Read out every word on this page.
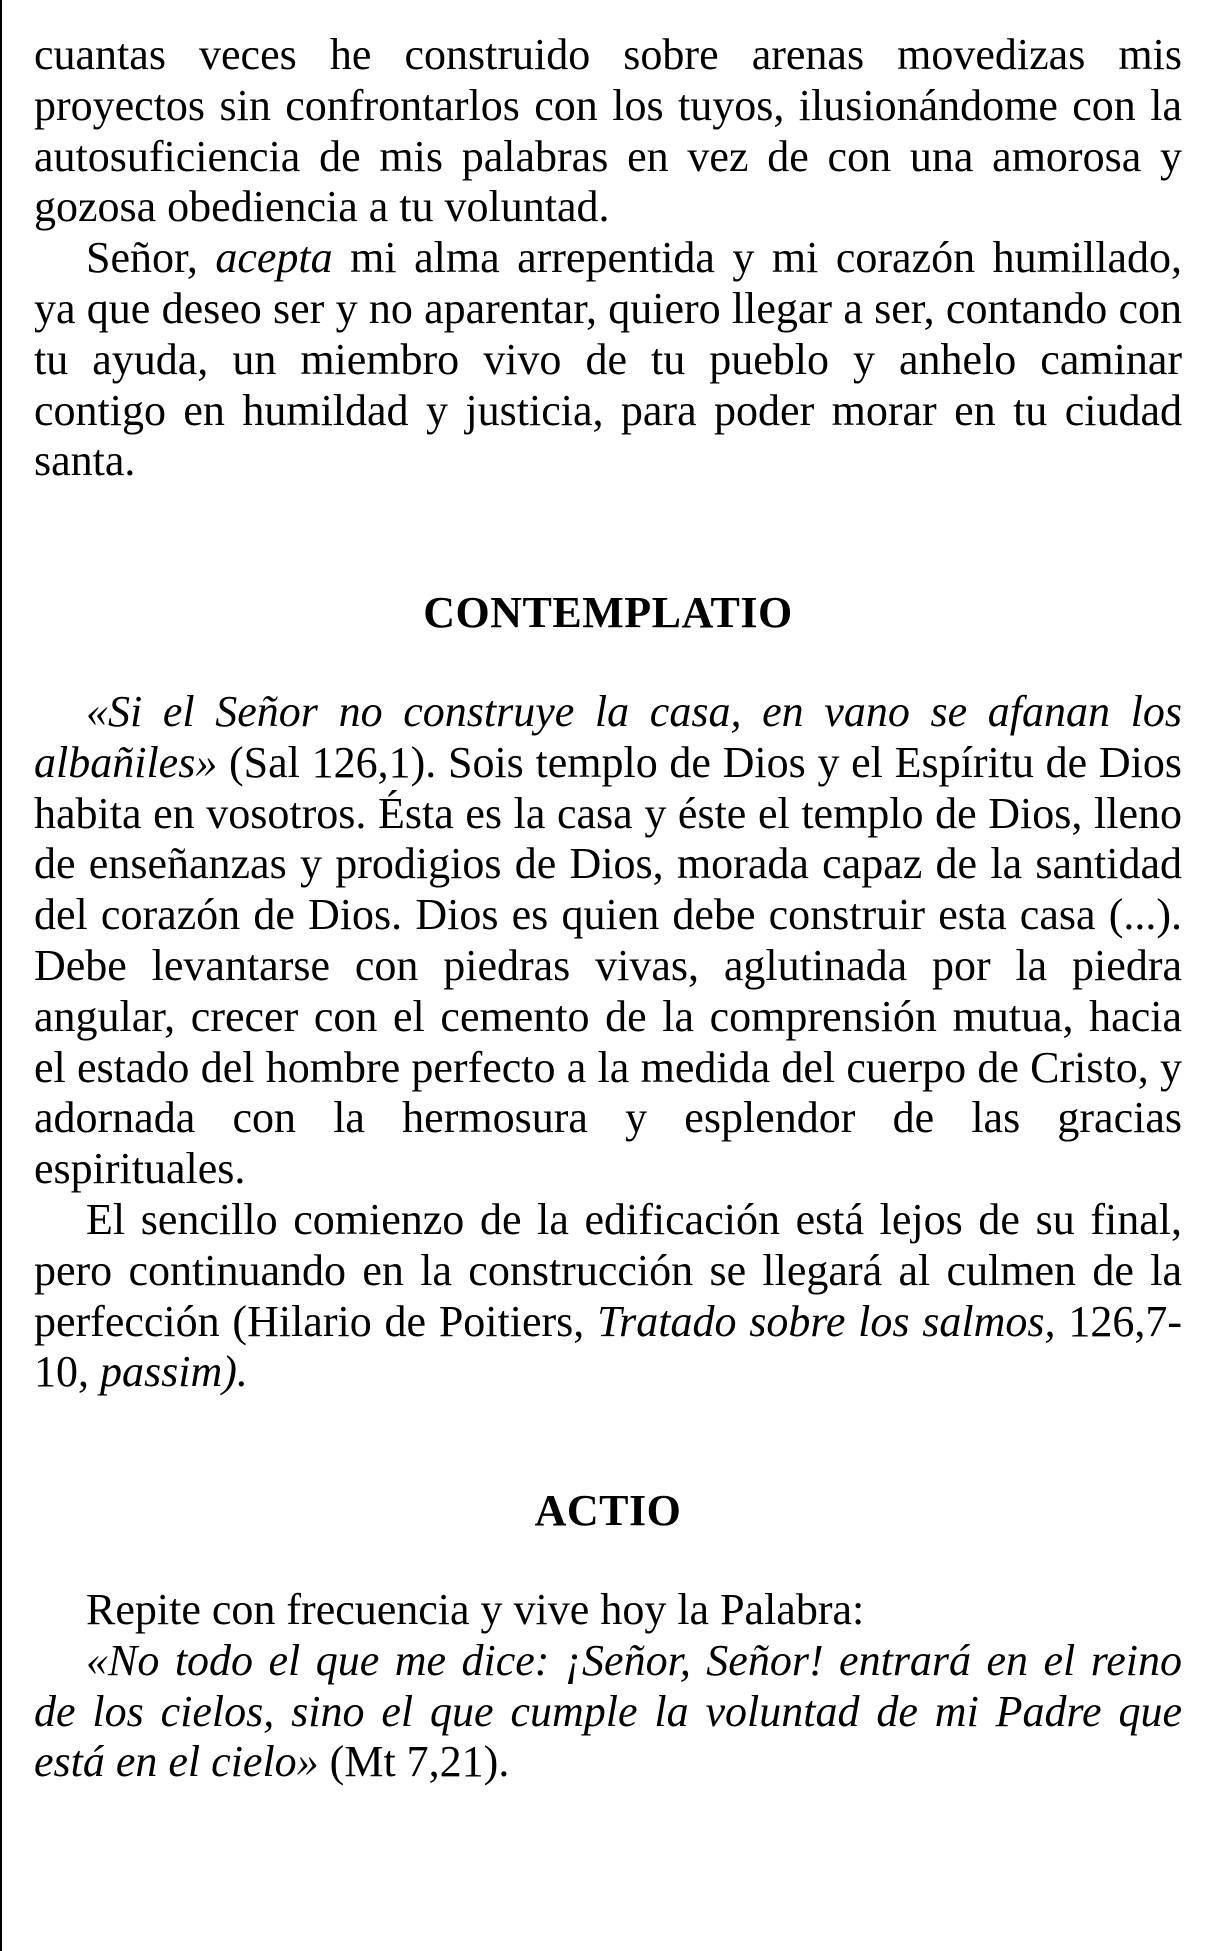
cuantas veces he construido sobre arenas movedizas mis proyectos sin confrontarlos con los tuyos, ilusionándome con la autosuficiencia de mis palabras en vez de con una amorosa y gozosa obediencia a tu voluntad.

Señor, acepta mi alma arrepentida y mi corazón humillado, ya que deseo ser y no aparentar, quiero llegar a ser, contando con tu ayuda, un miembro vivo de tu pueblo y anhelo caminar contigo en humildad y justicia, para poder morar en tu ciudad santa.

CONTEMPLATIO

«Si el Señor no construye la casa, en vano se afanan los albañiles» (Sal 126,1). Sois templo de Dios y el Espíritu de Dios habita en vosotros. Ésta es la casa y éste el templo de Dios, lleno de enseñanzas y prodigios de Dios, morada capaz de la santidad del corazón de Dios. Dios es quien debe construir esta casa (...). Debe levantarse con piedras vivas, aglutinada por la piedra angular, crecer con el cemento de la comprensión mutua, hacia el estado del hombre perfecto a la medida del cuerpo de Cristo, y adornada con la hermosura y esplendor de las gracias espirituales.

El sencillo comienzo de la edificación está lejos de su final, pero continuando en la construcción se llegará al culmen de la perfección (Hilario de Poitiers, Tratado sobre los salmos, 126,7-10, passim).

ACTIO

Repite con frecuencia y vive hoy la Palabra:

«No todo el que me dice: ¡Señor, Señor! entrará en el reino de los cielos, sino el que cumple la voluntad de mi Padre que está en el cielo» (Mt 7,21).
